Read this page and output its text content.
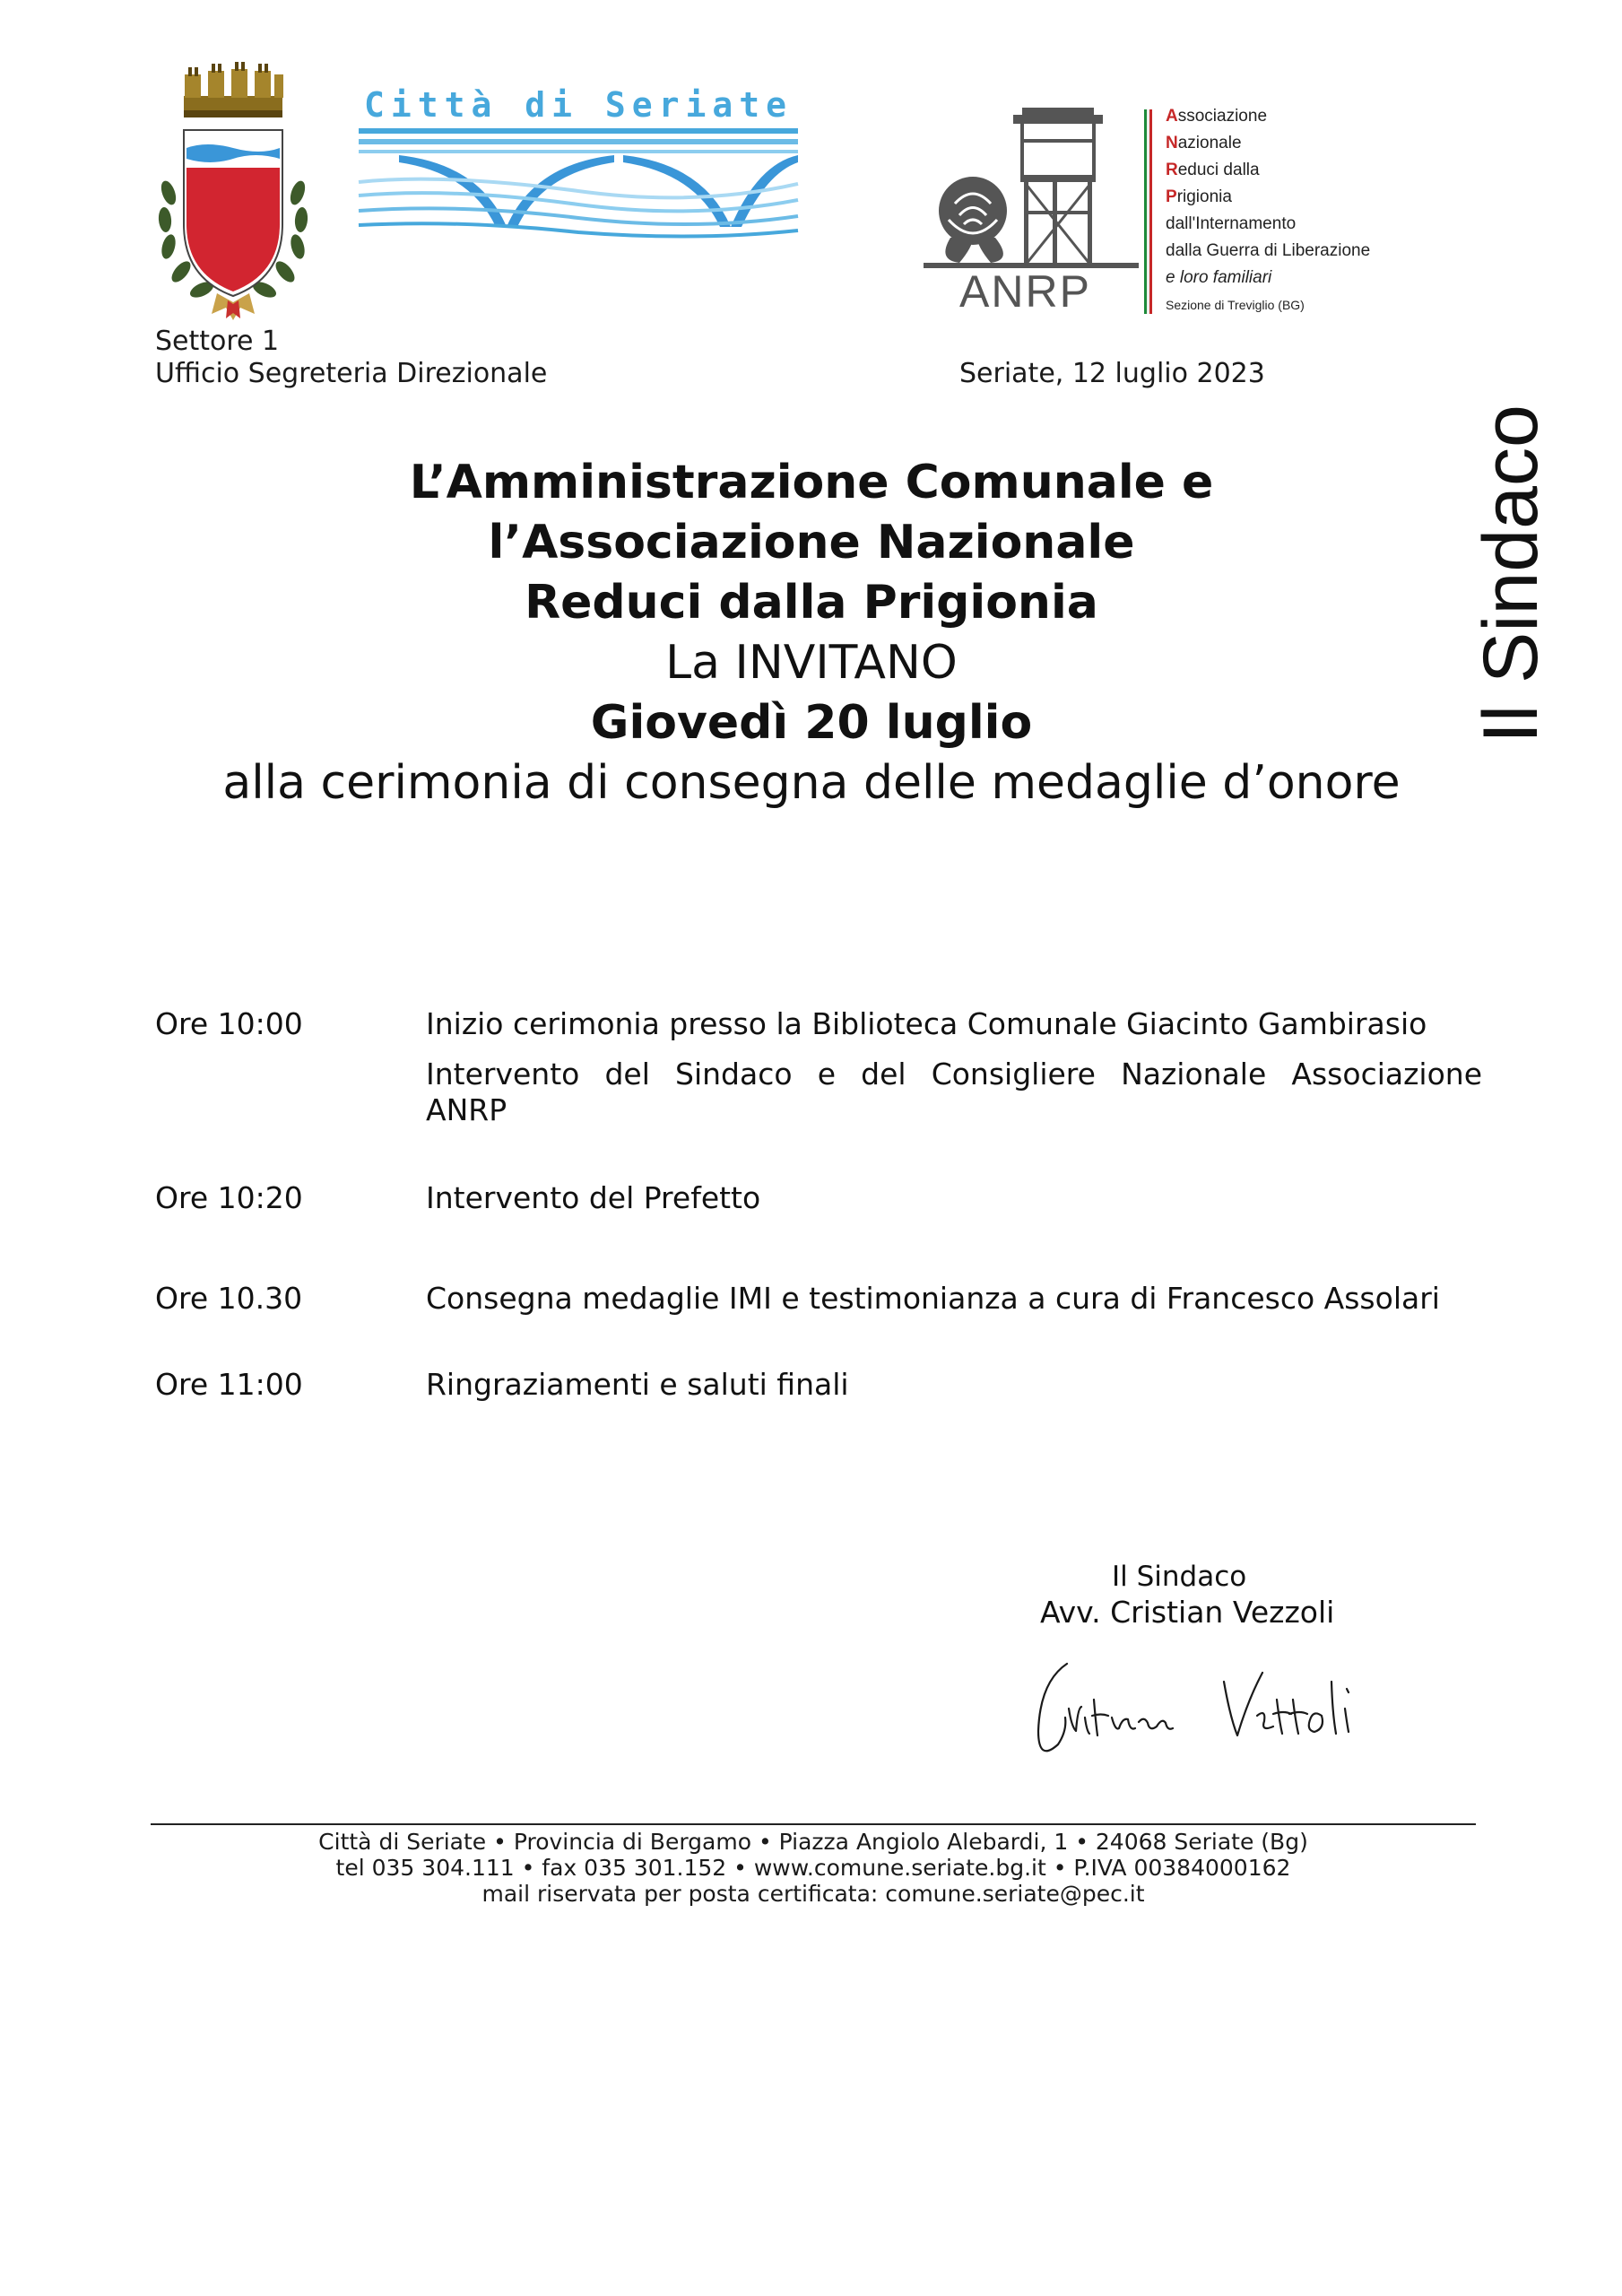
Città di Seriate
ANRP
Associazione
Nazionale
Reduci dalla
Prigionia
dall'Internamento
dalla Guerra di Liberazione
e loro familiari
Sezione di Treviglio (BG)
Settore 1
Ufficio Segreteria Direzionale	Seriate, 12 luglio 2023
Il Sindaco
L’Amministrazione Comunale e
l’Associazione Nazionale
Reduci dalla Prigionia
La INVITANO
Giovedì 20 luglio
alla cerimonia di consegna delle medaglie d’onore
Ore 10:00	Inizio cerimonia presso la Biblioteca Comunale Giacinto Gambirasio
Intervento del Sindaco e del Consigliere Nazionale Associazione
ANRP
Ore 10:20	Intervento del Prefetto
Ore 10.30	Consegna medaglie IMI e testimonianza a cura di Francesco Assolari
Ore 11:00	Ringraziamenti e saluti finali
Il Sindaco
Avv. Cristian Vezzoli
Città di Seriate • Provincia di Bergamo • Piazza Angiolo Alebardi, 1 • 24068 Seriate (Bg)
tel 035 304.111 • fax 035 301.152 • www.comune.seriate.bg.it • P.IVA 00384000162
mail riservata per posta certificata: comune.seriate@pec.it
